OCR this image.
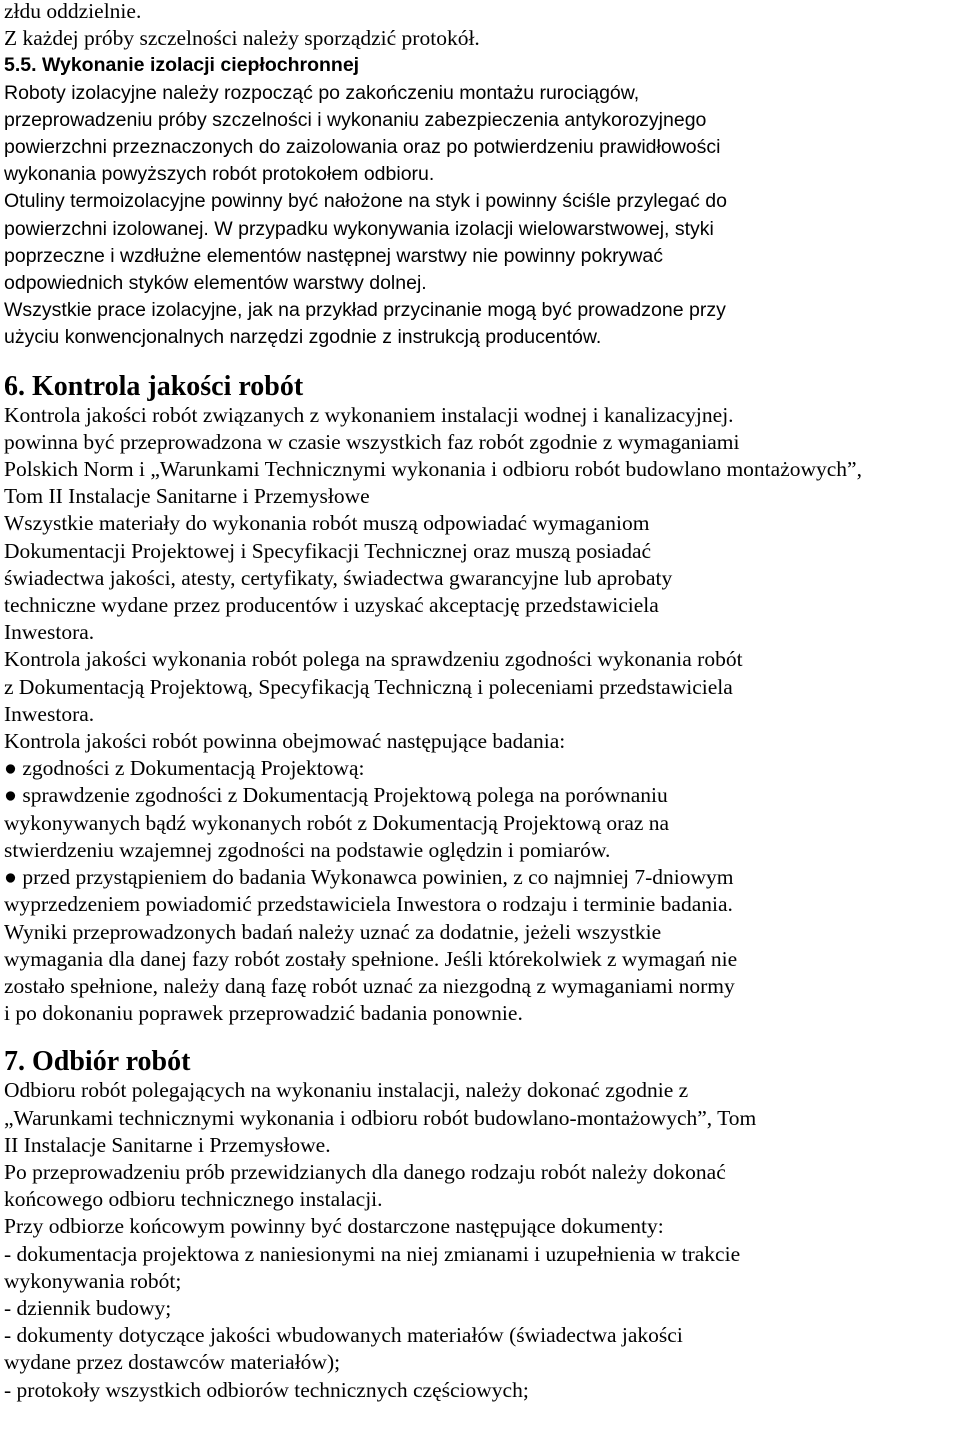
złdu oddzielnie.
Z każdej próby szczelności należy sporządzić protokół.
5.5. Wykonanie izolacji ciepłochronnej
Roboty izolacyjne należy rozpocząć po zakończeniu montażu rurociągów,
przeprowadzeniu próby szczelności i wykonaniu zabezpieczenia antykorozyjnego
powierzchni przeznaczonych do zaizolowania oraz po potwierdzeniu prawidłowości
wykonania powyższych robót protokołem odbioru.
Otuliny termoizolacyjne powinny być nałożone na styk i powinny ściśle przylegać do
powierzchni izolowanej. W przypadku wykonywania izolacji wielowarstwowej, styki
poprzeczne i wzdłużne elementów następnej warstwy nie powinny pokrywać
odpowiednich styków elementów warstwy dolnej.
Wszystkie prace izolacyjne, jak na przykład przycinanie mogą być prowadzone przy
użyciu konwencjonalnych narzędzi zgodnie z instrukcją producentów.
6. Kontrola jakości robót
Kontrola jakości robót związanych z wykonaniem instalacji wodnej i kanalizacyjnej.
powinna być przeprowadzona w czasie wszystkich faz robót zgodnie z wymaganiami
Polskich Norm i „Warunkami Technicznymi wykonania i odbioru robót budowlano montażowych”,
Tom II Instalacje Sanitarne i Przemysłowe
Wszystkie materiały do wykonania robót muszą odpowiadać wymaganiom
Dokumentacji Projektowej i Specyfikacji Technicznej oraz muszą posiadać
świadectwa jakości, atesty, certyfikaty, świadectwa gwarancyjne lub aprobaty
techniczne wydane przez producentów i uzyskać akceptację przedstawiciela
Inwestora.
Kontrola jakości wykonania robót polega na sprawdzeniu zgodności wykonania robót
z Dokumentacją Projektową, Specyfikacją Techniczną i poleceniami przedstawiciela
Inwestora.
Kontrola jakości robót powinna obejmować następujące badania:
● zgodności z Dokumentacją Projektową:
● sprawdzenie zgodności z Dokumentacją Projektową polega na porównaniu
wykonywanych bądź wykonanych robót z Dokumentacją Projektową oraz na
stwierdzeniu wzajemnej zgodności na podstawie oględzin i pomiarów.
● przed przystąpieniem do badania Wykonawca powinien, z co najmniej 7-dniowym
wyprzedzeniem powiadomić przedstawiciela Inwestora o rodzaju i terminie badania.
Wyniki przeprowadzonych badań należy uznać za dodatnie, jeżeli wszystkie
wymagania dla danej fazy robót zostały spełnione. Jeśli którekolwiek z wymagań nie
zostało spełnione, należy daną fazę robót uznać za niezgodną z wymaganiami normy
i po dokonaniu poprawek przeprowadzić badania ponownie.
7. Odbiór robót
Odbioru robót polegających na wykonaniu instalacji, należy dokonać zgodnie z
„Warunkami technicznymi wykonania i odbioru robót budowlano-montażowych”, Tom
II Instalacje Sanitarne i Przemysłowe.
Po przeprowadzeniu prób przewidzianych dla danego rodzaju robót należy dokonać
końcowego odbioru technicznego instalacji.
Przy odbiorze końcowym powinny być dostarczone następujące dokumenty:
- dokumentacja projektowa z naniesionymi na niej zmianami i uzupełnienia w trakcie
wykonywania robót;
- dziennik budowy;
- dokumenty dotyczące jakości wbudowanych materiałów (świadectwa jakości
wydane przez dostawców materiałów);
- protokoły wszystkich odbiorów technicznych częściowych;
